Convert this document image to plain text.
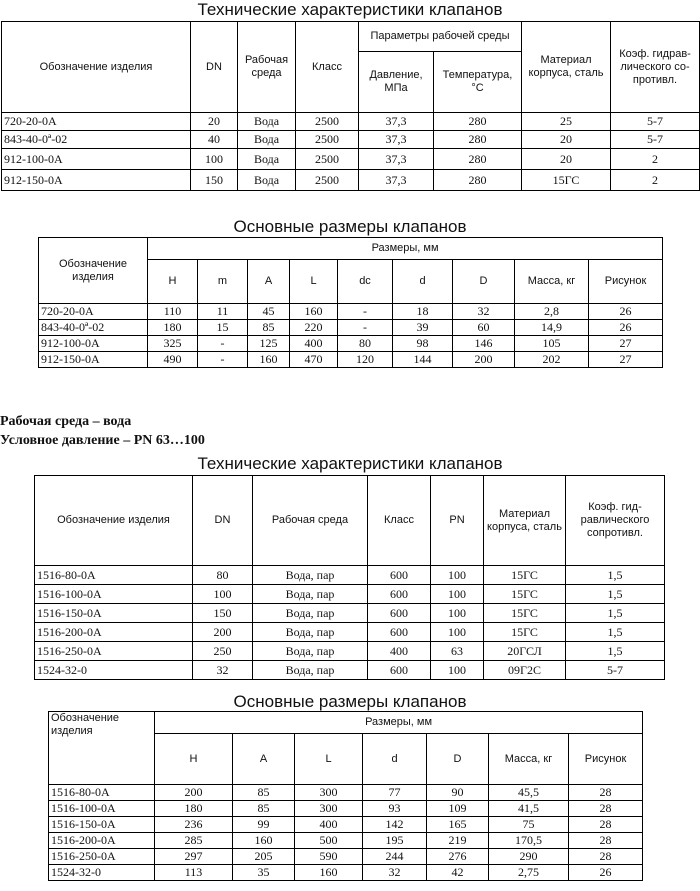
Технические характеристики клапанов
Обозначение изделия	DN	Рабочая среда	Класс	Параметры рабочей среды		Материал корпуса, сталь	Коэф. гидрав-лического со-противл.
				Давление, МПа	Температура, °С		
720-20-0А	20	Вода	2500	37,3	280	25	5-7
843-40-0ª-02	40	Вода	2500	37,3	280	20	5-7
912-100-0А	100	Вода	2500	37,3	280	20	2
912-150-0А	150	Вода	2500	37,3	280	15ГС	2
Основные размеры клапанов
Обозначение изделия	Размеры, мм								
	H	m	A	L	dc	d	D	Масса, кг	Рисунок
720-20-0А	110	11	45	160	-	18	32	2,8	26
843-40-0ª-02	180	15	85	220	-	39	60	14,9	26
912-100-0А	325	-	125	400	80	98	146	105	27
912-150-0А	490	-	160	470	120	144	200	202	27
Рабочая среда – вода
Условное давление – PN 63…100
Технические характеристики клапанов
Обозначение изделия	DN	Рабочая среда	Класс	PN	Материал корпуса, сталь	Коэф. гид-равлического сопротивл.
1516-80-0А	80	Вода, пар	600	100	15ГС	1,5
1516-100-0А	100	Вода, пар	600	100	15ГС	1,5
1516-150-0А	150	Вода, пар	600	100	15ГС	1,5
1516-200-0А	200	Вода, пар	600	100	15ГС	1,5
1516-250-0А	250	Вода, пар	400	63	20ГСЛ	1,5
1524-32-0	32	Вода, пар	600	100	09Г2С	5-7
Основные размеры клапанов
Обозначение изделия	Размеры, мм						
	H	A	L	d	D	Масса, кг	Рисунок
1516-80-0А	200	85	300	77	90	45,5	28
1516-100-0А	180	85	300	93	109	41,5	28
1516-150-0А	236	99	400	142	165	75	28
1516-200-0А	285	160	500	195	219	170,5	28
1516-250-0А	297	205	590	244	276	290	28
1524-32-0	113	35	160	32	42	2,75	26
